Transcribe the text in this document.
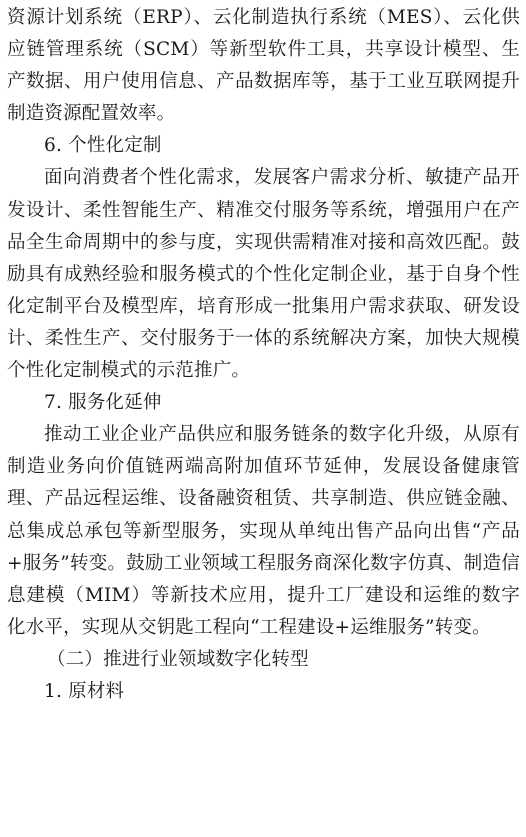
资源计划系统（ERP）、云化制造执行系统（MES）、云化供应链管理系统（SCM）等新型软件工具，共享设计模型、生产数据、用户使用信息、产品数据库等，基于工业互联网提升制造资源配置效率。

6. 个性化定制

面向消费者个性化需求，发展客户需求分析、敏捷产品开发设计、柔性智能生产、精准交付服务等系统，增强用户在产品全生命周期中的参与度，实现供需精准对接和高效匹配。鼓励具有成熟经验和服务模式的个性化定制企业，基于自身个性化定制平台及模型库，培育形成一批集用户需求获取、研发设计、柔性生产、交付服务于一体的系统解决方案，加快大规模个性化定制模式的示范推广。

7. 服务化延伸

推动工业企业产品供应和服务链条的数字化升级，从原有制造业务向价值链两端高附加值环节延伸，发展设备健康管理、产品远程运维、设备融资租赁、共享制造、供应链金融、总集成总承包等新型服务，实现从单纯出售产品向出售“产品+服务”转变。鼓励工业领域工程服务商深化数字仿真、制造信息建模（MIM）等新技术应用，提升工厂建设和运维的数字化水平，实现从交钥匙工程向“工程建设+运维服务”转变。

（二）推进行业领域数字化转型

1. 原材料
